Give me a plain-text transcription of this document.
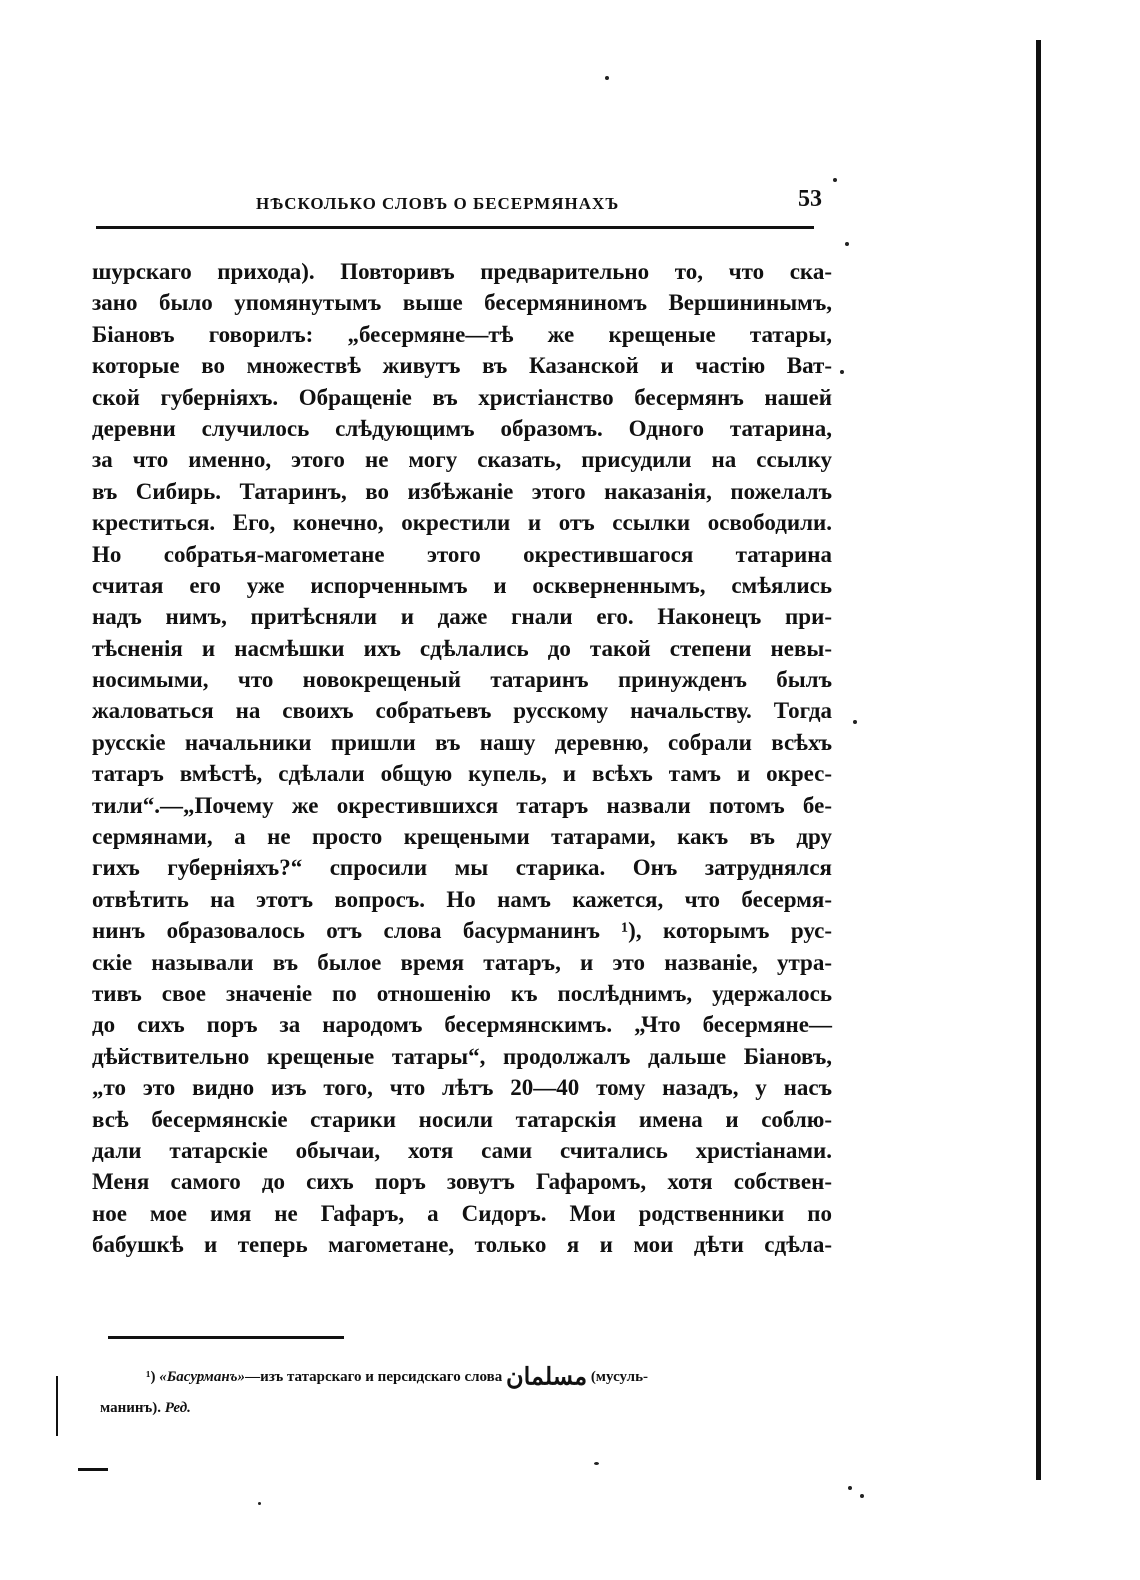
НѢСКОЛЬКО СЛОВЪ О БЕСЕРМЯНАХЪ	53
шурскаго прихода). Повторивъ предварительно то, что ска-
зано было упомянутымъ выше бесермяниномъ Вершининымъ,
Біановъ говорилъ: „бесермяне—тѣ же крещеные татары,
которые во множествѣ живутъ въ Казанской и частію Ват-
ской губерніяхъ. Обращеніе въ христіанство бесермянъ нашей
деревни случилось слѣдующимъ образомъ. Одного татарина,
за что именно, этого не могу сказать, присудили на ссылку
въ Сибирь. Татаринъ, во избѣжаніе этого наказанія, пожелалъ
креститься. Его, конечно, окрестили и отъ ссылки освободили.
Но собратья-магометане этого окрестившагося татарина
считая его уже испорченнымъ и оскверненнымъ, смѣялись
надъ нимъ, притѣсняли и даже гнали его. Наконецъ при-
тѣсненія и насмѣшки ихъ сдѣлались до такой степени невы-
носимыми, что новокрещеный татаринъ принужденъ былъ
жаловаться на своихъ собратьевъ русскому начальству. Тогда
русскіе начальники пришли въ нашу деревню, собрали всѣхъ
татаръ вмѣстѣ, сдѣлали общую купель, и всѣхъ тамъ и окрес-
тили“.—„Почему же окрестившихся татаръ назвали потомъ бе-
сермянами, а не просто крещеными татарами, какъ въ дру
гихъ губерніяхъ?“ спросили мы старика. Онъ затруднялся
отвѣтить на этотъ вопросъ. Но намъ кажется, что бесермя-
нинъ образовалось отъ слова басурманинъ ¹), которымъ рус-
скіе называли въ былое время татаръ, и это названіе, утра-
тивъ свое значеніе по отношенію къ послѣднимъ, удержалось
до сихъ поръ за народомъ бесермянскимъ. „Что бесермяне—
дѣйствительно крещеные татары“, продолжалъ дальше Біановъ,
„то это видно изъ того, что лѣтъ 20—40 тому назадъ, у насъ
всѣ бесермянскіе старики носили татарскія имена и соблю-
дали татарскіе обычаи, хотя сами считались христіанами.
Меня самого до сихъ поръ зовутъ Гафаромъ, хотя собствен-
ное мое имя не Гафаръ, а Сидоръ. Мои родственники по
бабушкѣ и теперь магометане, только я и мои дѣти сдѣла-
¹) «Басурманъ»—изъ татарскаго и персидскаго слова مسلمان (мусуль-
манинъ). Ред.
